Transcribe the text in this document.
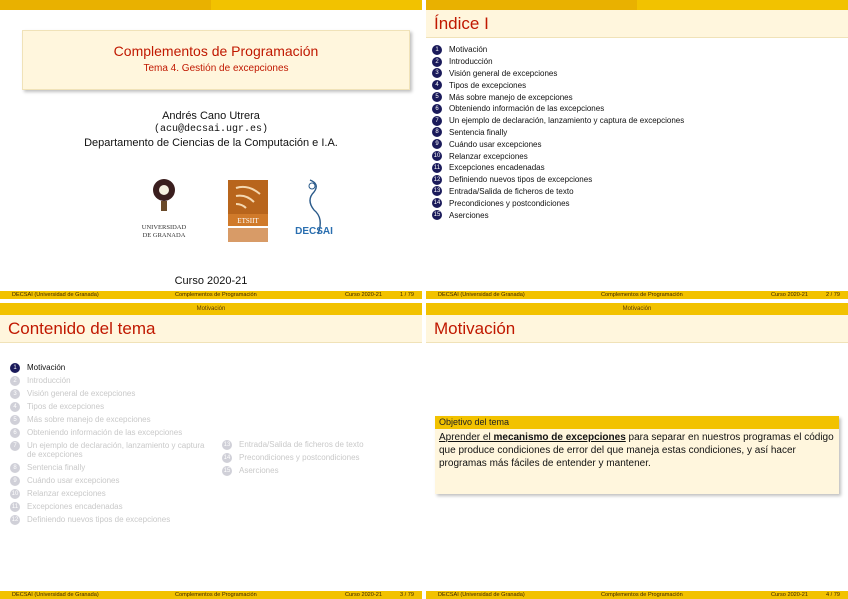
Complementos de Programación
Tema 4. Gestión de excepciones
Andrés Cano Utrera
(acu@decsai.ugr.es)
Departamento de Ciencias de la Computación e I.A.
UNIVERSIDAD
DE GRANADA
ETSIIT
DECSAI
Curso 2020-21
DECSAI (Universidad de Granada)	Complementos de Programación	Curso 2020-21	1 / 79
Índice I
1	Motivación
2	Introducción
3	Visión general de excepciones
4	Tipos de excepciones
5	Más sobre manejo de excepciones
6	Obteniendo información de las excepciones
7	Un ejemplo de declaración, lanzamiento y captura de excepciones
8	Sentencia finally
9	Cuándo usar excepciones
10 Relanzar excepciones
11 Excepciones encadenadas
12 Definiendo nuevos tipos de excepciones
13 Entrada/Salida de ficheros de texto
14 Precondiciones y postcondiciones
15 Aserciones
DECSAI (Universidad de Granada)	Complementos de Programación	Curso 2020-21	2 / 79
Motivación
Contenido del tema
1	Motivación
2	Introducción
3	Visión general de excepciones
4	Tipos de excepciones
5	Más sobre manejo de excepciones
6	Obteniendo información de las excepciones
7	Un ejemplo de declaración, lanzamiento y captura de excepciones
8	Sentencia finally
9	Cuándo usar excepciones
10 Relanzar excepciones
11 Excepciones encadenadas
12 Definiendo nuevos tipos de excepciones
13 Entrada/Salida de ficheros de texto
14 Precondiciones y postcondiciones
15 Aserciones
DECSAI (Universidad de Granada)	Complementos de Programación	Curso 2020-21	3 / 79
Motivación
Motivación
Objetivo del tema
Aprender el mecanismo de excepciones para separar en nuestros programas el código que produce condiciones de error del que maneja estas condiciones, y así hacer programas más fáciles de entender y mantener.
DECSAI (Universidad de Granada)	Complementos de Programación	Curso 2020-21	4 / 79
